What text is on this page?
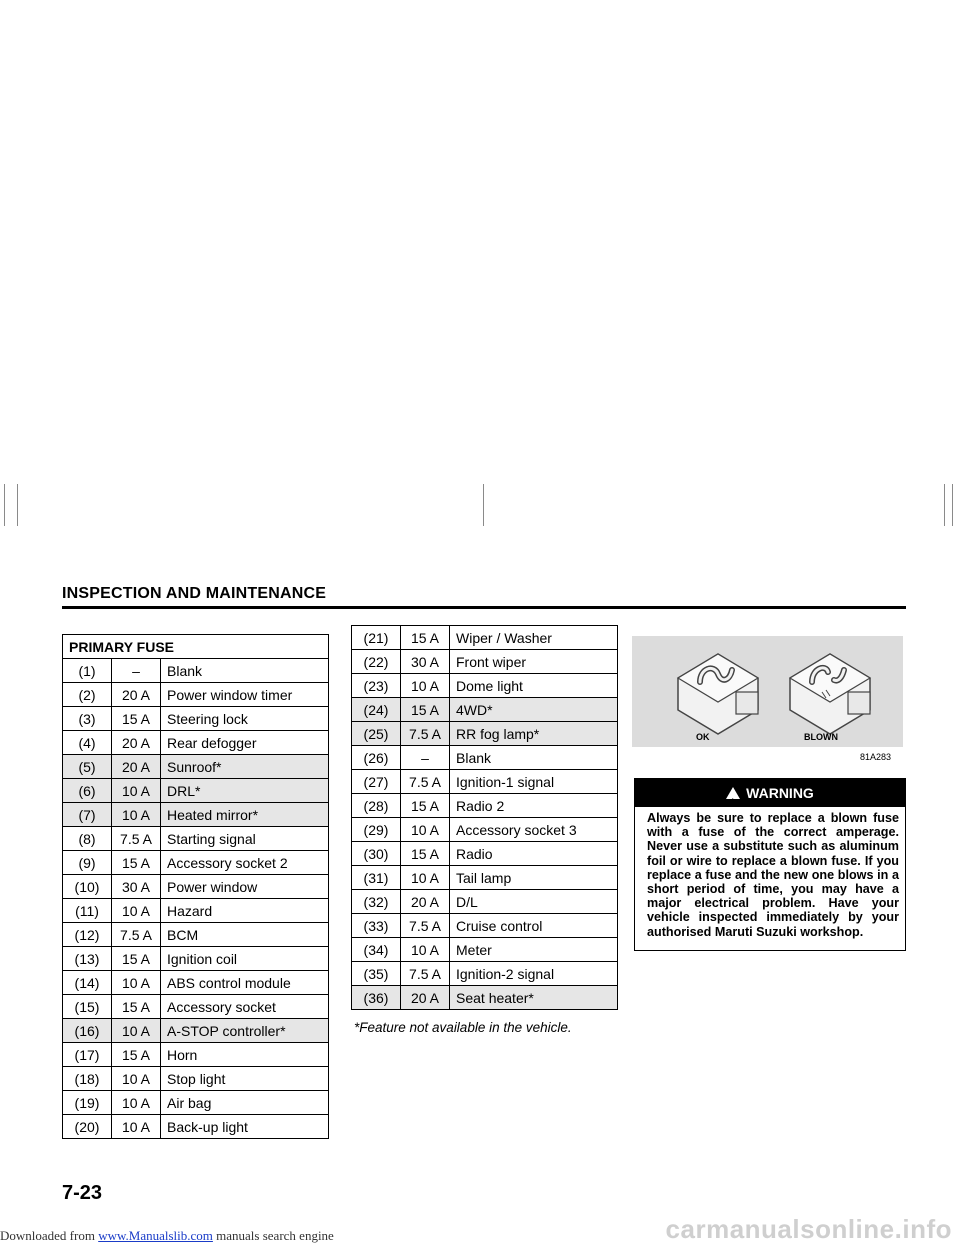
INSPECTION AND MAINTENANCE
PRIMARY FUSE		
(1)	–	Blank
(2)	20 A	Power window timer
(3)	15 A	Steering lock
(4)	20 A	Rear defogger
(5)	20 A	Sunroof*
(6)	10 A	DRL*
(7)	10 A	Heated mirror*
(8)	7.5 A	Starting signal
(9)	15 A	Accessory socket 2
(10)	30 A	Power window
(11)	10 A	Hazard
(12)	7.5 A	BCM
(13)	15 A	Ignition coil
(14)	10 A	ABS control module
(15)	15 A	Accessory socket
(16)	10 A	A-STOP controller*
(17)	15 A	Horn
(18)	10 A	Stop light
(19)	10 A	Air bag
(20)	10 A	Back-up light
(21)	15 A	Wiper / Washer
(22)	30 A	Front wiper
(23)	10 A	Dome light
(24)	15 A	4WD*
(25)	7.5 A	RR fog lamp*
(26)	–	Blank
(27)	7.5 A	Ignition-1 signal
(28)	15 A	Radio 2
(29)	10 A	Accessory socket 3
(30)	15 A	Radio
(31)	10 A	Tail lamp
(32)	20 A	D/L
(33)	7.5 A	Cruise control
(34)	10 A	Meter
(35)	7.5 A	Ignition-2 signal
(36)	20 A	Seat heater*
*Feature not available in the vehicle.
OK	BLOWN
81A283
!WARNING
Always be sure to replace a blown fuse with a fuse of the correct amperage. Never use a substitute such as aluminum foil or wire to replace a blown fuse. If you replace a fuse and the new one blows in a short period of time, you may have a major electrical problem. Have your vehicle inspected immediately by your authorised Maruti Suzuki workshop.
7-23
Downloaded from www.Manualslib.com manuals search engine	carmanualsonline.info
